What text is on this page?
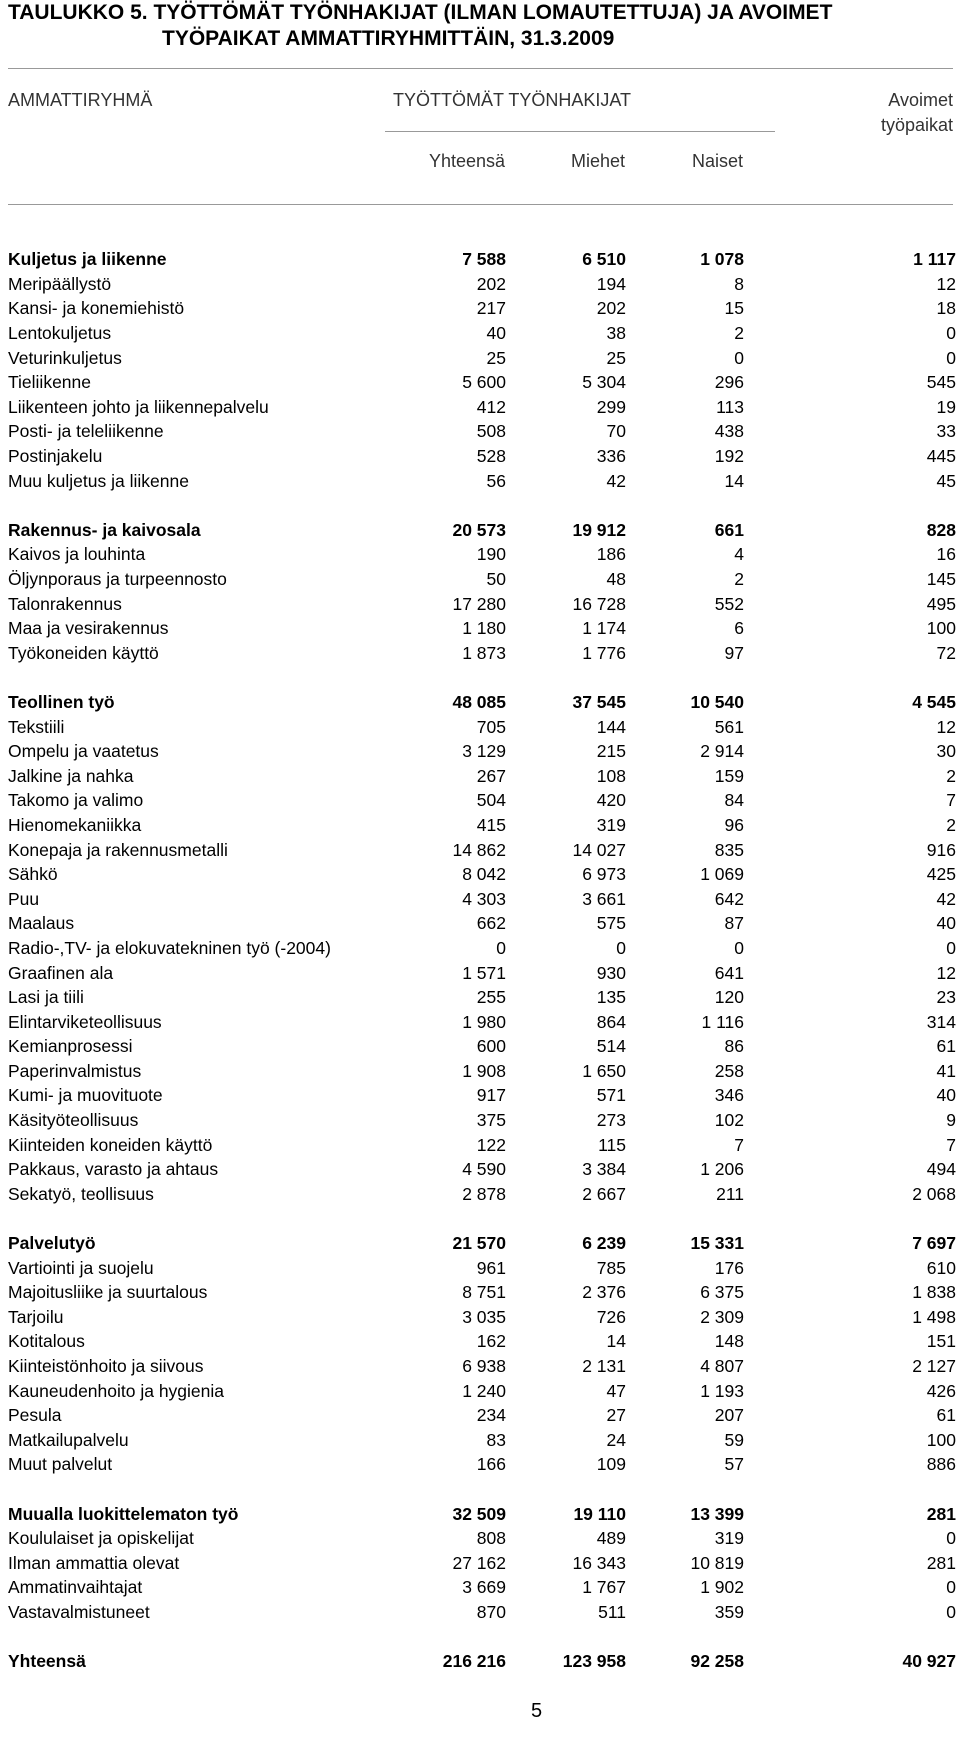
TAULUKKO 5. TYÖTTÖMÄT TYÖNHAKIJAT (ILMAN LOMAUTETTUJA) JA AVOIMET
TYÖPAIKAT AMMATTIRYHMITTÄIN, 31.3.2009
AMMATTIRYHMÄ	TYÖTTÖMÄT TYÖNHAKIJAT	Avoimet
työpaikat
Yhteensä	Miehet	Naiset
Kuljetus ja liikenne	7 588	6 510	1 078	1 117
Meripäällystö	202	194	8	12
Kansi- ja konemiehistö	217	202	15	18
Lentokuljetus	40	38	2	0
Veturinkuljetus	25	25	0	0
Tieliikenne	5 600	5 304	296	545
Liikenteen johto ja liikennepalvelu	412	299	113	19
Posti- ja teleliikenne	508	70	438	33
Postinjakelu	528	336	192	445
Muu kuljetus ja liikenne	56	42	14	45

Rakennus- ja kaivosala	20 573	19 912	661	828
Kaivos ja louhinta	190	186	4	16
Öljynporaus ja turpeennosto	50	48	2	145
Talonrakennus	17 280	16 728	552	495
Maa ja vesirakennus	1 180	1 174	6	100
Työkoneiden käyttö	1 873	1 776	97	72

Teollinen työ	48 085	37 545	10 540	4 545
Tekstiili	705	144	561	12
Ompelu ja vaatetus	3 129	215	2 914	30
Jalkine ja nahka	267	108	159	2
Takomo ja valimo	504	420	84	7
Hienomekaniikka	415	319	96	2
Konepaja ja rakennusmetalli	14 862	14 027	835	916
Sähkö	8 042	6 973	1 069	425
Puu	4 303	3 661	642	42
Maalaus	662	575	87	40
Radio-,TV- ja elokuvatekninen työ (-2004)	0	0	0	0
Graafinen ala	1 571	930	641	12
Lasi ja tiili	255	135	120	23
Elintarviketeollisuus	1 980	864	1 116	314
Kemianprosessi	600	514	86	61
Paperinvalmistus	1 908	1 650	258	41
Kumi- ja muovituote	917	571	346	40
Käsityöteollisuus	375	273	102	9
Kiinteiden koneiden käyttö	122	115	7	7
Pakkaus, varasto ja ahtaus	4 590	3 384	1 206	494
Sekatyö, teollisuus	2 878	2 667	211	2 068

Palvelutyö	21 570	6 239	15 331	7 697
Vartiointi ja suojelu	961	785	176	610
Majoitusliike ja suurtalous	8 751	2 376	6 375	1 838
Tarjoilu	3 035	726	2 309	1 498
Kotitalous	162	14	148	151
Kiinteistönhoito ja siivous	6 938	2 131	4 807	2 127
Kauneudenhoito ja hygienia	1 240	47	1 193	426
Pesula	234	27	207	61
Matkailupalvelu	83	24	59	100
Muut palvelut	166	109	57	886

Muualla luokittelematon työ	32 509	19 110	13 399	281
Koululaiset ja opiskelijat	808	489	319	0
Ilman ammattia olevat	27 162	16 343	10 819	281
Ammatinvaihtajat	3 669	1 767	1 902	0
Vastavalmistuneet	870	511	359	0

Yhteensä	216 216	123 958	92 258	40 927
5
